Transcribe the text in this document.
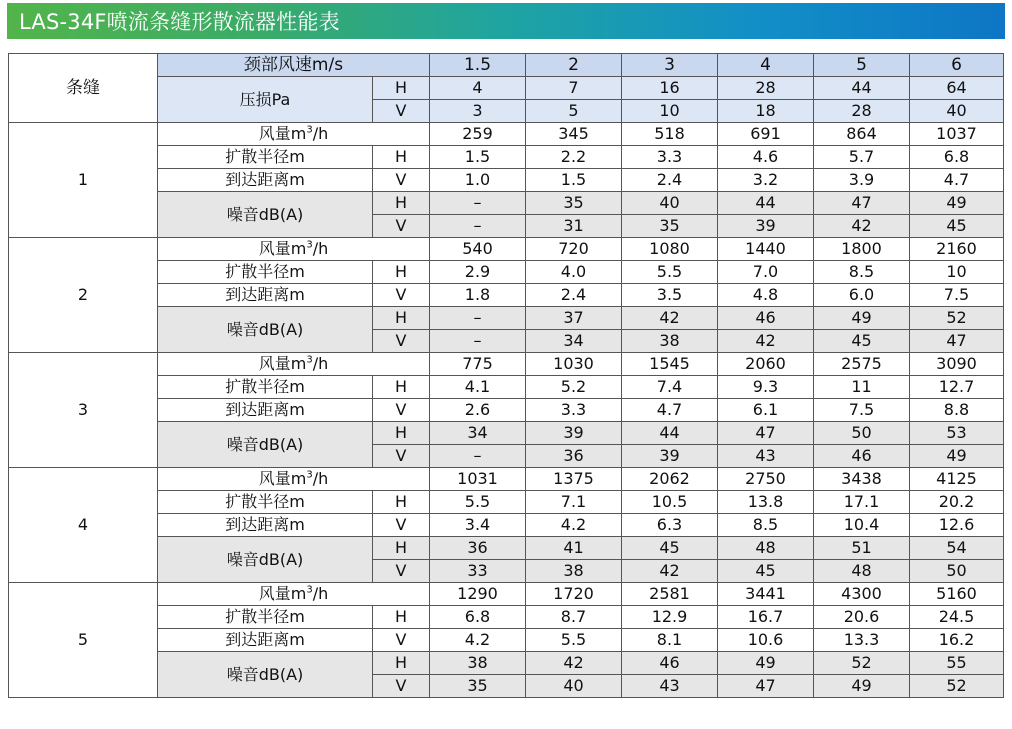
LAS-34F喷流条缝形散流器性能表
条缝	颈部风速m/s		1.5	2	3	4	5	6
	压损Pa	H	4	7	16	28	44	64
		V	3	5	10	18	28	40
1	风量$m^3/h$		259	345	518	691	864	1037
	扩散半径m	H	1.5	2.2	3.3	4.6	5.7	6.8
	到达距离m	V	1.0	1.5	2.4	3.2	3.9	4.7
	噪音dB(A)	H	–	35	40	44	47	49
		V	–	31	35	39	42	45
2	风量$m^3/h$		540	720	1080	1440	1800	2160
	扩散半径m	H	2.9	4.0	5.5	7.0	8.5	10
	到达距离m	V	1.8	2.4	3.5	4.8	6.0	7.5
	噪音dB(A)	H	–	37	42	46	49	52
		V	–	34	38	42	45	47
3	风量$m^3/h$		775	1030	1545	2060	2575	3090
	扩散半径m	H	4.1	5.2	7.4	9.3	11	12.7
	到达距离m	V	2.6	3.3	4.7	6.1	7.5	8.8
	噪音dB(A)	H	34	39	44	47	50	53
		V	–	36	39	43	46	49
4	风量$m^3/h$		1031	1375	2062	2750	3438	4125
	扩散半径m	H	5.5	7.1	10.5	13.8	17.1	20.2
	到达距离m	V	3.4	4.2	6.3	8.5	10.4	12.6
	噪音dB(A)	H	36	41	45	48	51	54
		V	33	38	42	45	48	50
5	风量$m^3/h$		1290	1720	2581	3441	4300	5160
	扩散半径m	H	6.8	8.7	12.9	16.7	20.6	24.5
	到达距离m	V	4.2	5.5	8.1	10.6	13.3	16.2
	噪音dB(A)	H	38	42	46	49	52	55
		V	35	40	43	47	49	52
